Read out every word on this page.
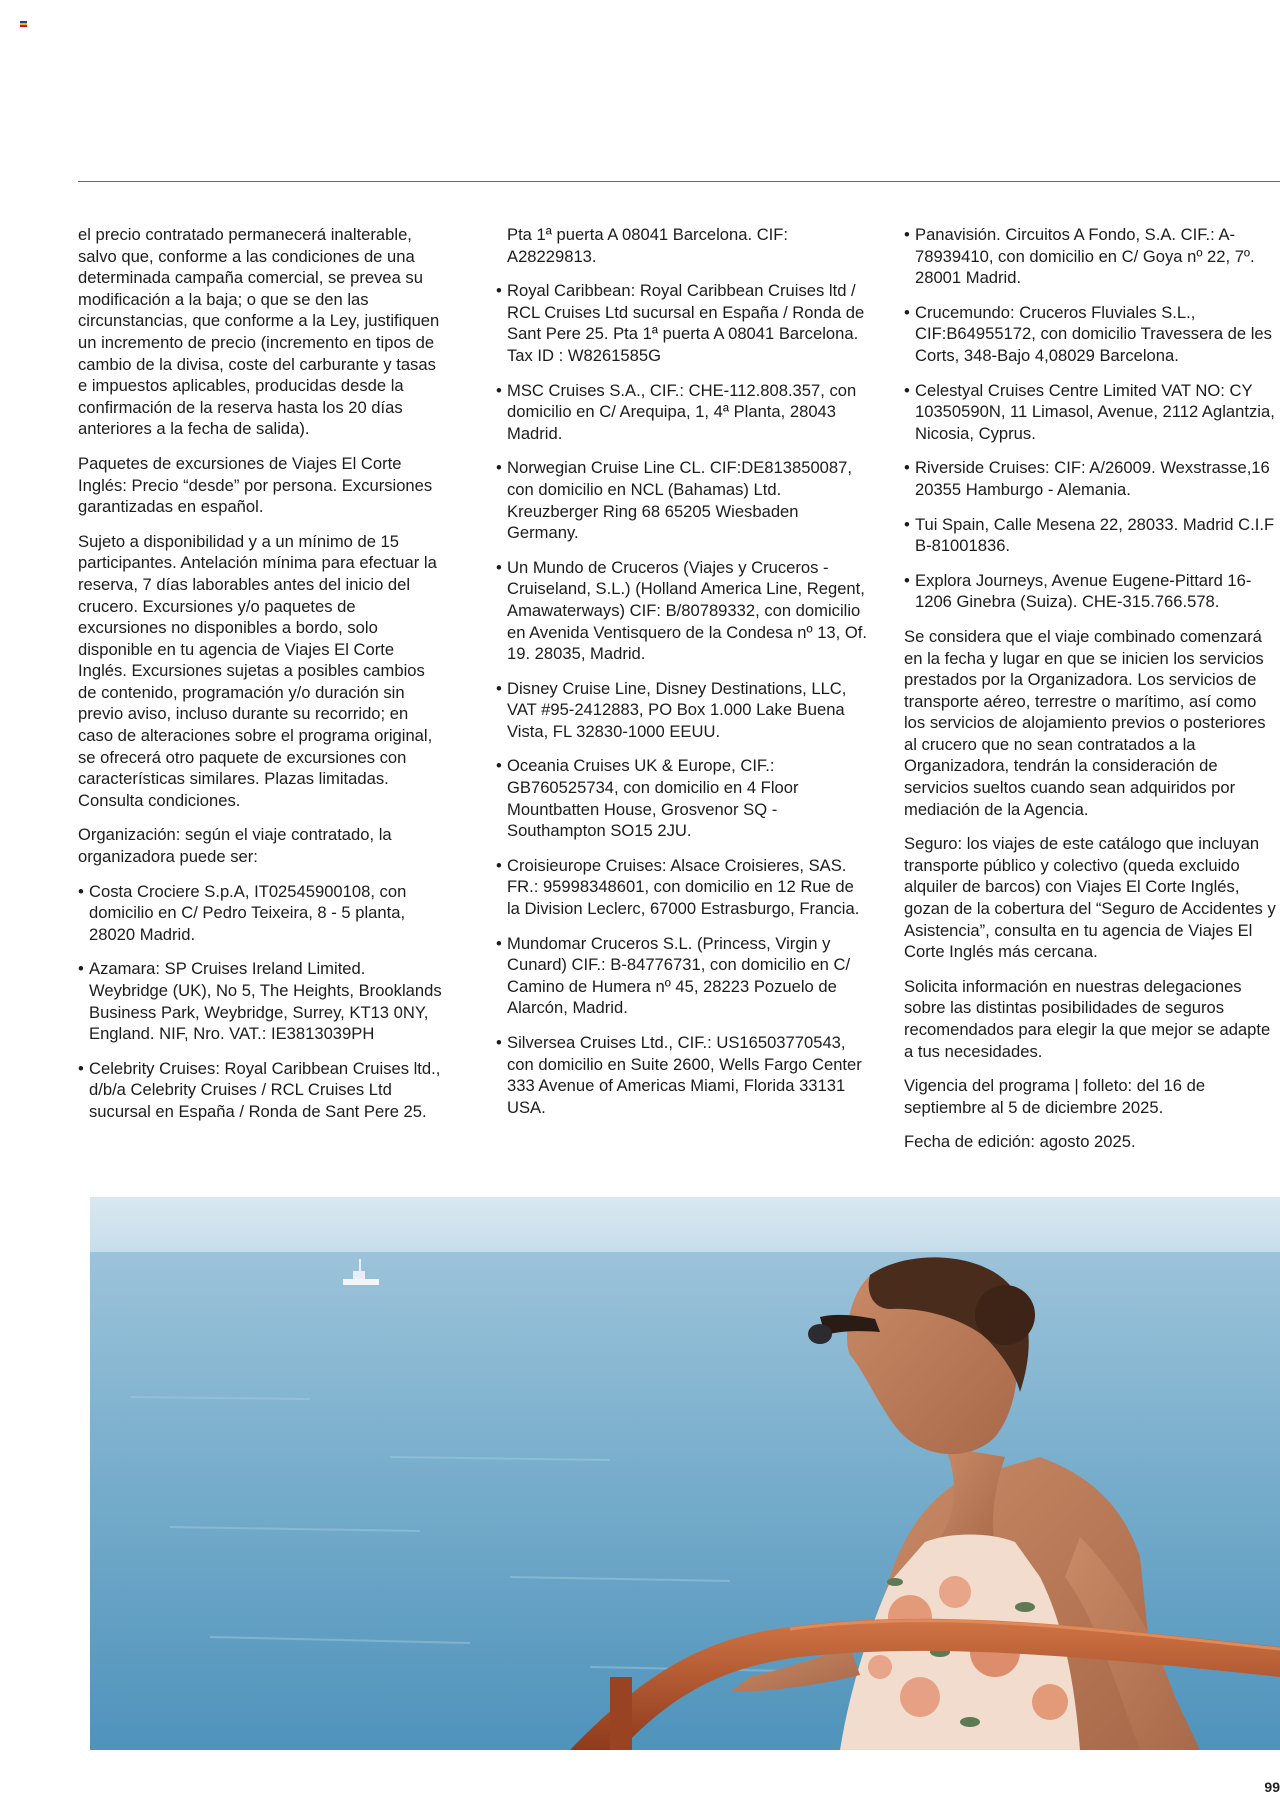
el precio contratado permanecerá inalterable, salvo que, conforme a las condiciones de una determinada campaña comercial, se prevea su modificación a la baja; o que se den las circunstancias, que conforme a la Ley, justifiquen un incremento de precio (incremento en tipos de cambio de la divisa, coste del carburante y tasas e impuestos aplicables, producidas desde la confirmación de la reserva hasta los 20 días anteriores a la fecha de salida).

Paquetes de excursiones de Viajes El Corte Inglés: Precio “desde” por persona. Excursiones garantizadas en español.

Sujeto a disponibilidad y a un mínimo de 15 participantes. Antelación mínima para efectuar la reserva, 7 días laborables antes del inicio del crucero. Excursiones y/o paquetes de excursiones no disponibles a bordo, solo disponible en tu agencia de Viajes El Corte Inglés. Excursiones sujetas a posibles cambios de contenido, programación y/o duración sin previo aviso, incluso durante su recorrido; en caso de alteraciones sobre el programa original, se ofrecerá otro paquete de excursiones con características similares. Plazas limitadas. Consulta condiciones.

Organización: según el viaje contratado, la organizadora puede ser:

• Costa Crociere S.p.A, IT02545900108, con domicilio en C/ Pedro Teixeira, 8 - 5 planta, 28020 Madrid.
• Azamara: SP Cruises Ireland Limited. Weybridge (UK), No 5, The Heights, Brooklands Business Park, Weybridge, Surrey, KT13 0NY, England. NIF, Nro. VAT.: IE3813039PH
• Celebrity Cruises: Royal Caribbean Cruises ltd., d/b/a Celebrity Cruises / RCL Cruises Ltd sucursal en España / Ronda de Sant Pere 25.

Pta 1ª puerta A 08041 Barcelona. CIF: A28229813.

• Royal Caribbean: Royal Caribbean Cruises ltd / RCL Cruises Ltd sucursal en España / Ronda de Sant Pere 25. Pta 1ª puerta A 08041 Barcelona. Tax ID : W8261585G
• MSC Cruises S.A., CIF.: CHE-112.808.357, con domicilio en C/ Arequipa, 1, 4ª Planta, 28043 Madrid.
• Norwegian Cruise Line CL. CIF:DE813850087, con domicilio en NCL (Bahamas) Ltd. Kreuzberger Ring 68 65205 Wiesbaden Germany.
• Un Mundo de Cruceros (Viajes y Cruceros - Cruiseland, S.L.) (Holland America Line, Regent, Amawaterways) CIF: B/80789332, con domicilio en Avenida Ventisquero de la Condesa nº 13, Of. 19. 28035, Madrid.
• Disney Cruise Line, Disney Destinations, LLC, VAT #95-2412883, PO Box 1.000 Lake Buena Vista, FL 32830-1000 EEUU.
• Oceania Cruises UK & Europe, CIF.: GB760525734, con domicilio en 4 Floor Mountbatten House, Grosvenor SQ - Southampton SO15 2JU.
• Croisieurope Cruises: Alsace Croisieres, SAS. FR.: 95998348601, con domicilio en 12 Rue de la Division Leclerc, 67000 Estrasburgo, Francia.
• Mundomar Cruceros S.L. (Princess, Virgin y Cunard) CIF.: B-84776731, con domicilio en C/ Camino de Humera nº 45, 28223 Pozuelo de Alarcón, Madrid.
• Silversea Cruises Ltd., CIF.: US16503770543, con domicilio en Suite 2600, Wells Fargo Center 333 Avenue of Americas Miami, Florida 33131 USA.
• Panavisión. Circuitos A Fondo, S.A. CIF.: A-78939410, con domicilio en C/ Goya nº 22, 7º. 28001 Madrid.
• Crucemundo: Cruceros Fluviales S.L., CIF:B64955172, con domicilio Travessera de les Corts, 348-Bajo 4,08029 Barcelona.
• Celestyal Cruises Centre Limited VAT NO: CY 10350590N, 11 Limasol, Avenue, 2112 Aglantzia, Nicosia, Cyprus.
• Riverside Cruises: CIF: A/26009. Wexstrasse,16 20355 Hamburgo - Alemania.
• Tui Spain, Calle Mesena 22, 28033. Madrid C.I.F B-81001836.
• Explora Journeys, Avenue Eugene-Pittard 16-1206 Ginebra (Suiza). CHE-315.766.578.

Se considera que el viaje combinado comenzará en la fecha y lugar en que se inicien los servicios prestados por la Organizadora. Los servicios de transporte aéreo, terrestre o marítimo, así como los servicios de alojamiento previos o posteriores al crucero que no sean contratados a la Organizadora, tendrán la consideración de servicios sueltos cuando sean adquiridos por mediación de la Agencia.

Seguro: los viajes de este catálogo que incluyan transporte público y colectivo (queda excluido alquiler de barcos) con Viajes El Corte Inglés, gozan de la cobertura del “Seguro de Accidentes y Asistencia”, consulta en tu agencia de Viajes El Corte Inglés más cercana.

Solicita información en nuestras delegaciones sobre las distintas posibilidades de seguros recomendados para elegir la que mejor se adapte a tus necesidades.

Vigencia del programa | folleto: del 16 de septiembre al 5 de diciembre 2025.

Fecha de edición: agosto 2025.

99
